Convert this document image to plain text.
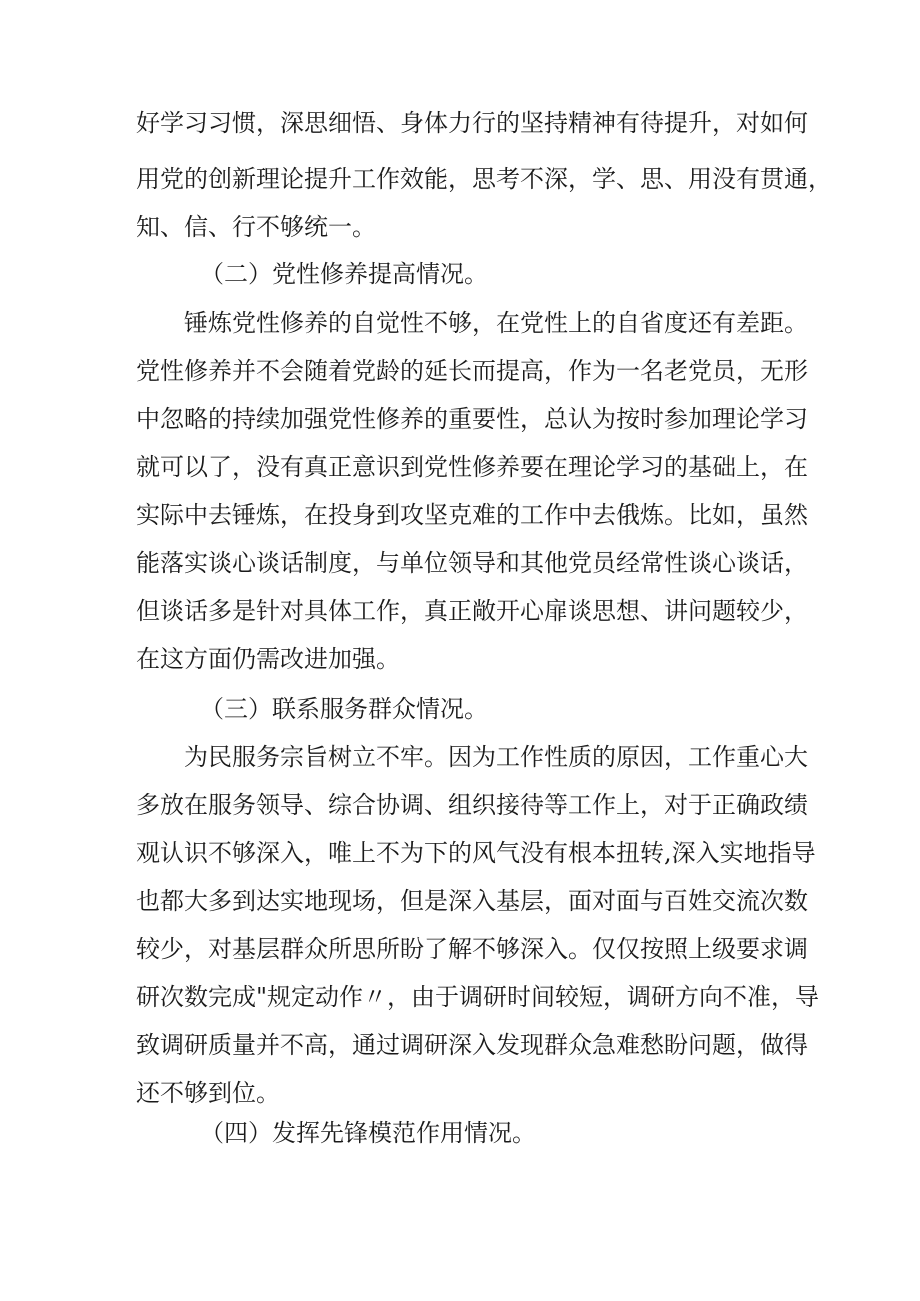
好学习习惯，深思细悟、身体力行的坚持精神有待提升，对如何
用党的创新理论提升工作效能，思考不深，学、思、用没有贯通，
知、信、行不够统一。
（二）党性修养提高情况。
锤炼党性修养的自觉性不够，在党性上的自省度还有差距。
党性修养并不会随着党龄的延长而提高，作为一名老党员，无形
中忽略的持续加强党性修养的重要性，总认为按时参加理论学习
就可以了，没有真正意识到党性修养要在理论学习的基础上，在
实际中去锤炼，在投身到攻坚克难的工作中去俄炼。比如，虽然
能落实谈心谈话制度，与单位领导和其他党员经常性谈心谈话，
但谈话多是针对具体工作，真正敞开心扉谈思想、讲问题较少，
在这方面仍需改进加强。
（三）联系服务群众情况。
为民服务宗旨树立不牢。因为工作性质的原因，工作重心大
多放在服务领导、综合协调、组织接待等工作上，对于正确政绩
观认识不够深入，唯上不为下的风气没有根本扭转,深入实地指导
也都大多到达实地现场，但是深入基层，面对面与百姓交流次数
较少，对基层群众所思所盼了解不够深入。仅仅按照上级要求调
研次数完成"规定动作〃，由于调研时间较短，调研方向不准，导
致调研质量并不高，通过调研深入发现群众急难愁盼问题，做得
还不够到位。
（四）发挥先锋模范作用情况。
